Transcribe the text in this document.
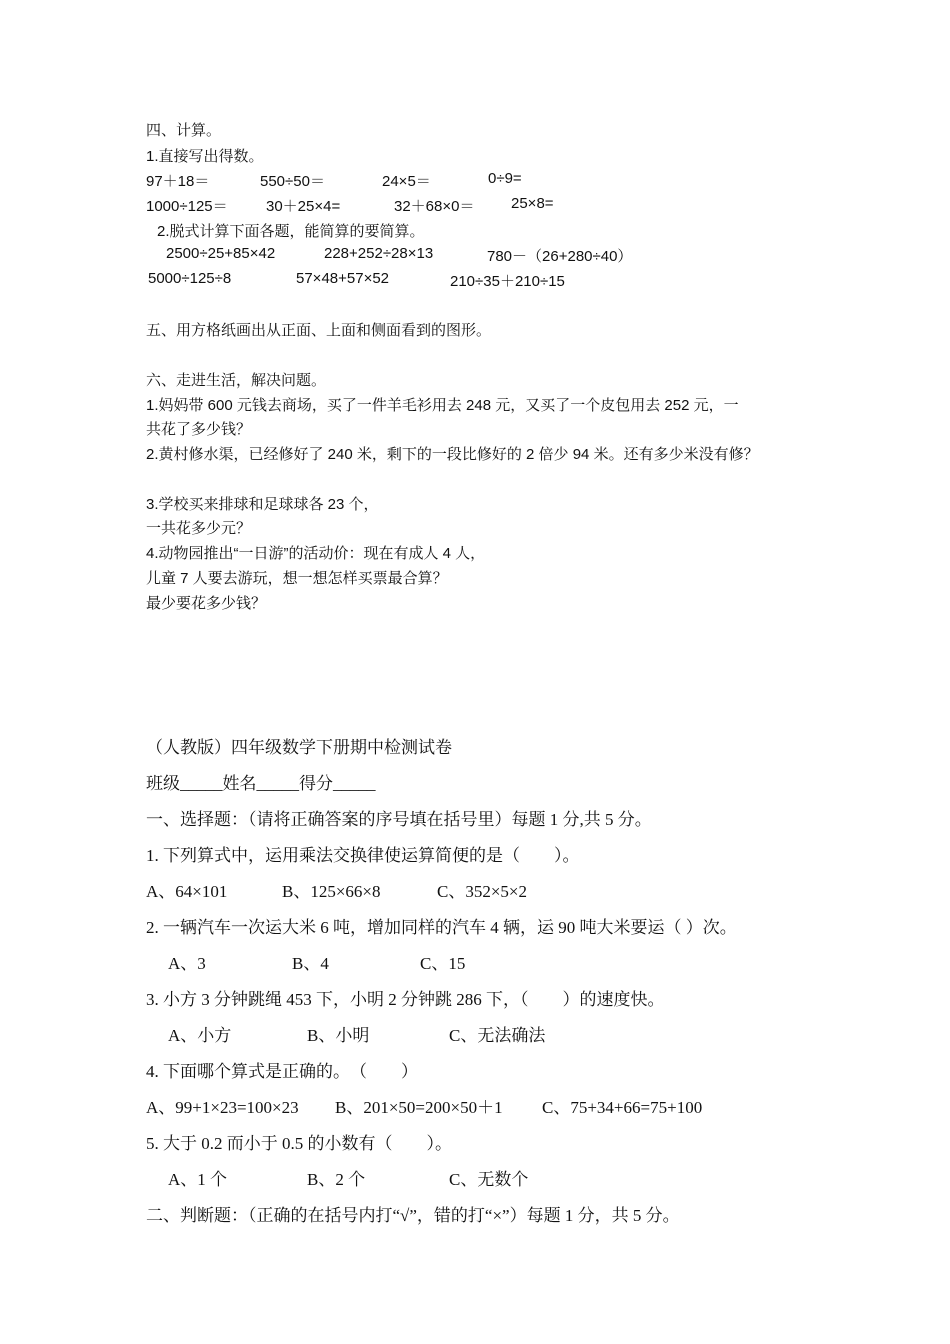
四、计算。
1.直接写出得数。
97＋18＝	550÷50＝	24×5＝	0÷9=
1000÷125＝	30＋25×4=	32＋68×0＝ 25×8=
2.脱式计算下面各题，能简算的要简算。
2500÷25+85×42	228+252÷28×13	780－（26+280÷40）
5000÷125÷8	57×48+57×52	210÷35＋210÷15
五、用方格纸画出从正面、上面和侧面看到的图形。
六、走进生活，解决问题。
1.妈妈带 600 元钱去商场，买了一件羊毛衫用去 248 元，又买了一个皮包用去 252 元，一
共花了多少钱？
2.黄村修水渠，已经修好了 240 米，剩下的一段比修好的 2 倍少 94 米。还有多少米没有修？
3.学校买来排球和足球球各 23 个，
一共花多少元？
4.动物园推出“一日游”的活动价：现在有成人 4 人，
儿童 7 人要去游玩，想一想怎样买票最合算？
最少要花多少钱？
（人教版）四年级数学下册期中检测试卷
班级_____姓名_____得分_____
一、选择题：（请将正确答案的序号填在括号里）每题 1 分,共 5 分。
1. 下列算式中，运用乘法交换律使运算简便的是（　　）。
A、64×101	B、125×66×8	C、352×5×2
2. 一辆汽车一次运大米 6 吨，增加同样的汽车 4 辆，运 90 吨大米要运（ ）次。
A、3	B、4	C、15
3. 小方 3 分钟跳绳 453 下，小明 2 分钟跳 286 下，（　　）的速度快。
A、小方	B、小明	C、无法确法
4. 下面哪个算式是正确的。　（　　）
A、99+1×23=100×23 B、201×50=200×50＋1 C、75+34+66=75+100
5. 大于 0.2 而小于 0.5 的小数有（　　）。
A、1 个	B、2 个	C、无数个
二、判断题：（正确的在括号内打“√”，错的打“×”）每题 1 分，共 5 分。
